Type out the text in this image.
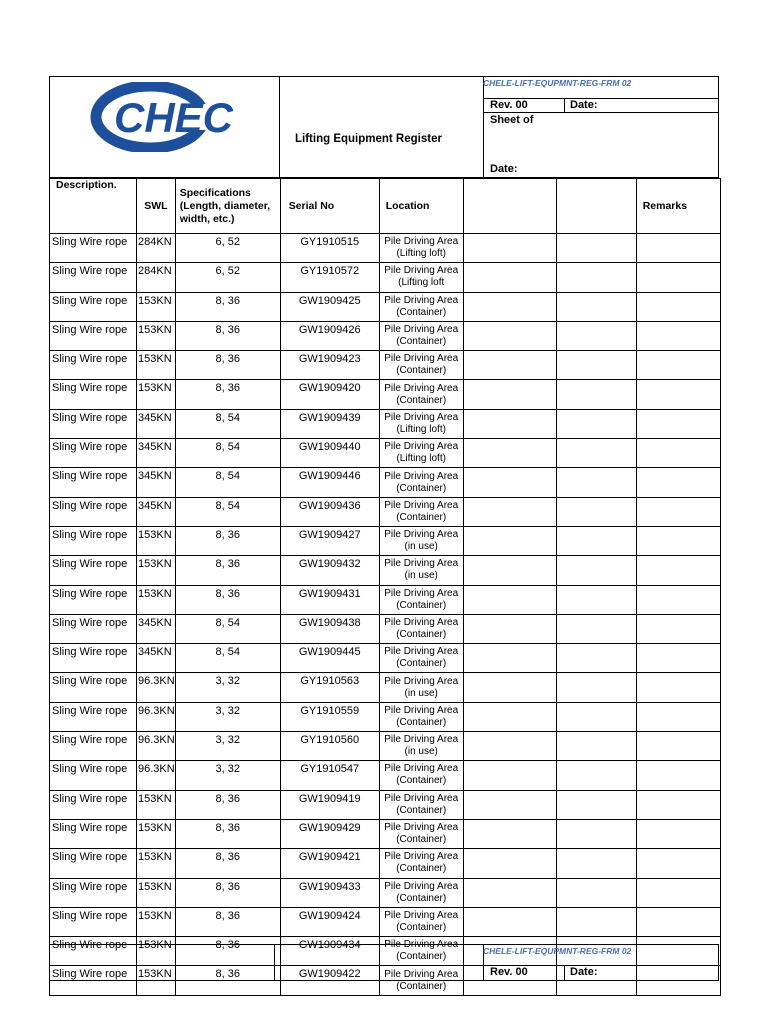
CHEC	Lifting Equipment Register
CHELE-LIFT-EQUPMNT-REG-FRM 02
Rev. 00	Date:
Sheet of
Date:
Description.	SWL	Specifications (Length, diameter, width, etc.)	Serial No	Location			Remarks
Sling Wire rope	284KN	6, 52	GY1910515	Pile Driving Area
(Lifting loft)			

Sling Wire rope	284KN	6, 52	GY1910572	Pile Driving Area
(Lifting loft			

Sling Wire rope	153KN	8, 36	GW1909425	Pile Driving Area
(Container)			

Sling Wire rope	153KN	8, 36	GW1909426	Pile Driving Area
(Container)			

Sling Wire rope	153KN	8, 36	GW1909423	Pile Driving Area
(Container)			

Sling Wire rope	153KN	8, 36	GW1909420	Pile Driving Area
(Container)			

Sling Wire rope	345KN	8, 54	GW1909439	Pile Driving Area
(Lifting loft)			

Sling Wire rope	345KN	8, 54	GW1909440	Pile Driving Area
(Lifting loft)			

Sling Wire rope	345KN	8, 54	GW1909446	Pile Driving Area
(Container)			

Sling Wire rope	345KN	8, 54	GW1909436	Pile Driving Area
(Container)			

Sling Wire rope	153KN	8, 36	GW1909427	Pile Driving Area
(in use)			

Sling Wire rope	153KN	8, 36	GW1909432	Pile Driving Area
(in use)			

Sling Wire rope	153KN	8, 36	GW1909431	Pile Driving Area
(Container)			

Sling Wire rope	345KN	8, 54	GW1909438	Pile Driving Area
(Container)			

Sling Wire rope	345KN	8, 54	GW1909445	Pile Driving Area
(Container)			

Sling Wire rope	96.3KN	3, 32	GY1910563	Pile Driving Area
(in use)			

Sling Wire rope	96.3KN	3, 32	GY1910559	Pile Driving Area
(Container)			

Sling Wire rope	96.3KN	3, 32	GY1910560	Pile Driving Area
(in use)			

Sling Wire rope	96.3KN	3, 32	GY1910547	Pile Driving Area
(Container)			

Sling Wire rope	153KN	8, 36	GW1909419	Pile Driving Area
(Container)			

Sling Wire rope	153KN	8, 36	GW1909429	Pile Driving Area
(Container)			

Sling Wire rope	153KN	8, 36	GW1909421	Pile Driving Area
(Container)			

Sling Wire rope	153KN	8, 36	GW1909433	Pile Driving Area
(Container)			

Sling Wire rope	153KN	8, 36	GW1909424	Pile Driving Area
(Container)			

Sling Wire rope	153KN	8, 36	GW1909434	Pile Driving Area
(Container)			

Sling Wire rope	153KN	8, 36	GW1909422	Pile Driving Area
(Container)			

CHELE-LIFT-EQUPMNT-REG-FRM 02
Rev. 00	Date:
